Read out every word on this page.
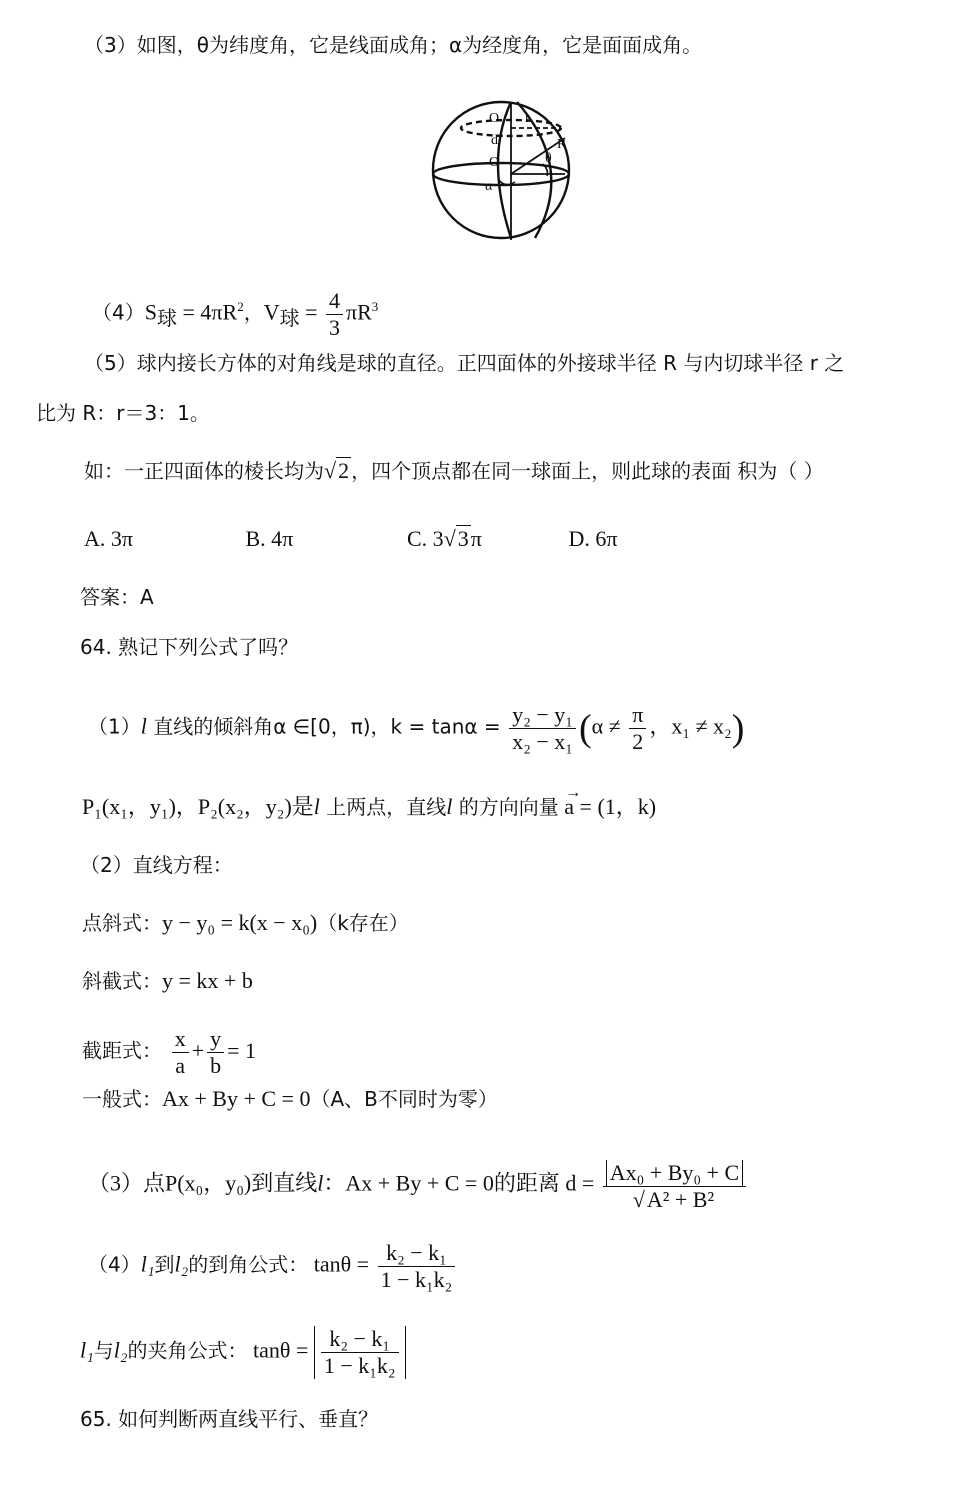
（3）如图，θ为纬度角，它是线面成角；α为经度角，它是面面成角。
O
d
O
R
θ
α
r
$(4)S_球 = 4\pi R^2$，$V_球 = \frac{4}{3} \pi R^3$
（5）球内接长方体的对角线是球的直径。正四面体的外接球半径 R 与内切球半径 r 之
比为 R：r＝3：1。
如：一正四面体的棱长均为√2 ，四个顶点都在同一球面上，则此球的表面 积为（ ）
A. 3π	B. 4π	C. 3√3π	D. 6π
答案：A
64. 熟记下列公式了吗？
（1）l 直线的倾斜角α ∈[0，π)，$k = \tan\alpha = \frac{\text{y₂ − y₁}}{\text{x₂ − x₁}} (\alpha \ne \frac{\pi}{2}$ ，x₁ ≠ x₂)
P₁(x₁，y₁)，P₂(x₂，y₂)是l 上两点，直线l 的方向向量
→
a = (1，k)
（2）直线方程：
点斜式：y − y₀ = k(x − x₀)（k存在）
斜截式：y = kx + b
截距式： $\frac{x}{a} + \frac{y}{b} = 1$
一般式：Ax + By + C = 0（A、B不同时为零）
（3）点P(x₀，y₀)到直线l：Ax + By + C = 0的距离 $d = \frac{\text{Ax₀ + By₀ + C}}{\text{√A² + B²}}$
（4）l₁到l₂的到角公式： $\tan\theta = \frac{\text{k₂ − k₁}}{\text{1 − k₁k₂}}$
l₁与l₂的夹角公式： $\tan\theta = \frac{\text{k₂ − k₁}}{\text{1 − k₁k₂}}$
65. 如何判断两直线平行、垂直？
